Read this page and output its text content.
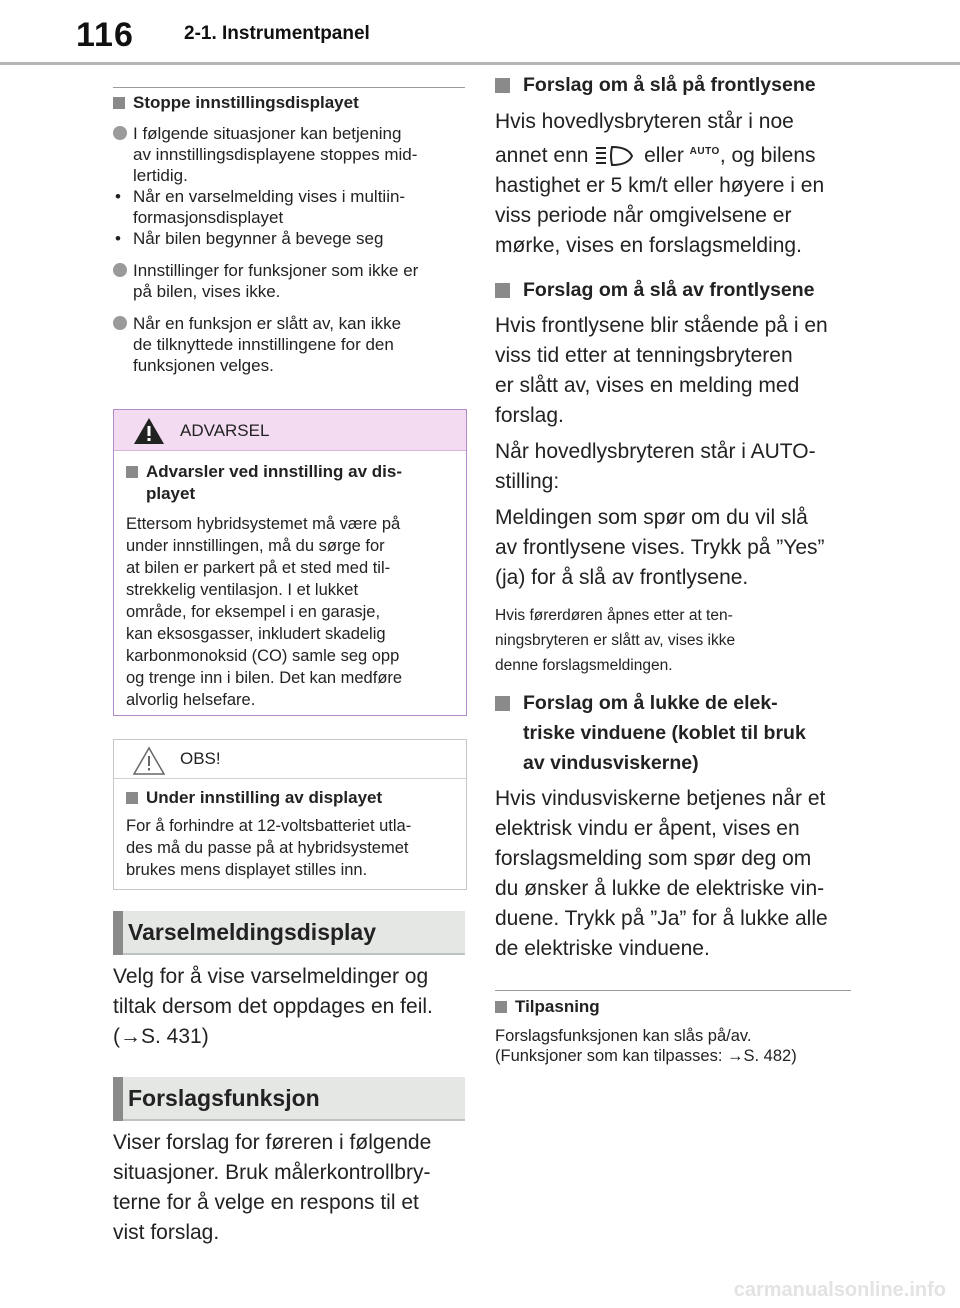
116	2-1. Instrumentpanel
Stoppe innstillingsdisplayet
I følgende situasjoner kan betjening
av innstillingsdisplayene stoppes mid-
lertidig.
• Når en varselmelding vises i multiin-
formasjonsdisplayet
• Når bilen begynner å bevege seg
Innstillinger for funksjoner som ikke er
på bilen, vises ikke.
Når en funksjon er slått av, kan ikke
de tilknyttede innstillingene for den
funksjonen velges.
ADVARSEL
Advarsler ved innstilling av dis-
playet
Ettersom hybridsystemet må være på
under innstillingen, må du sørge for
at bilen er parkert på et sted med til-
strekkelig ventilasjon. I et lukket
område, for eksempel i en garasje,
kan eksosgasser, inkludert skadelig
karbonmonoksid (CO) samle seg opp
og trenge inn i bilen. Det kan medføre
alvorlig helsefare.
OBS!
Under innstilling av displayet
For å forhindre at 12-voltsbatteriet utla-
des må du passe på at hybridsystemet
brukes mens displayet stilles inn.
Varselmeldingsdisplay
Velg for å vise varselmeldinger og
tiltak dersom det oppdages en feil.
(→S. 431)
Forslagsfunksjon
Viser forslag for føreren i følgende
situasjoner. Bruk målerkontrollbry-
terne for å velge en respons til et
vist forslag.
Forslag om å slå på frontlysene
Hvis hovedlysbryteren står i noe
annet enn	eller $^{AUTO}$, og bilens
hastighet er 5 km/t eller høyere i en
viss periode når omgivelsene er
mørke, vises en forslagsmelding.
Forslag om å slå av frontlysene
Hvis frontlysene blir stående på i en
viss tid etter at tenningsbryteren
er slått av, vises en melding med
forslag.
Når hovedlysbryteren står i AUTO-
stilling:
Meldingen som spør om du vil slå
av frontlysene vises. Trykk på ”Yes”
(ja) for å slå av frontlysene.
Hvis førerdøren åpnes etter at ten-
ningsbryteren er slått av, vises ikke
denne forslagsmeldingen.
Forslag om å lukke de elek-
triske vinduene (koblet til bruk
av vindusviskerne)
Hvis vindusviskerne betjenes når et
elektrisk vindu er åpent, vises en
forslagsmelding som spør deg om
du ønsker å lukke de elektriske vin-
duene. Trykk på ”Ja” for å lukke alle
de elektriske vinduene.
Tilpasning
Forslagsfunksjonen kan slås på/av.
(Funksjoner som kan tilpasses: →S. 482)
carmanualsonline.info
